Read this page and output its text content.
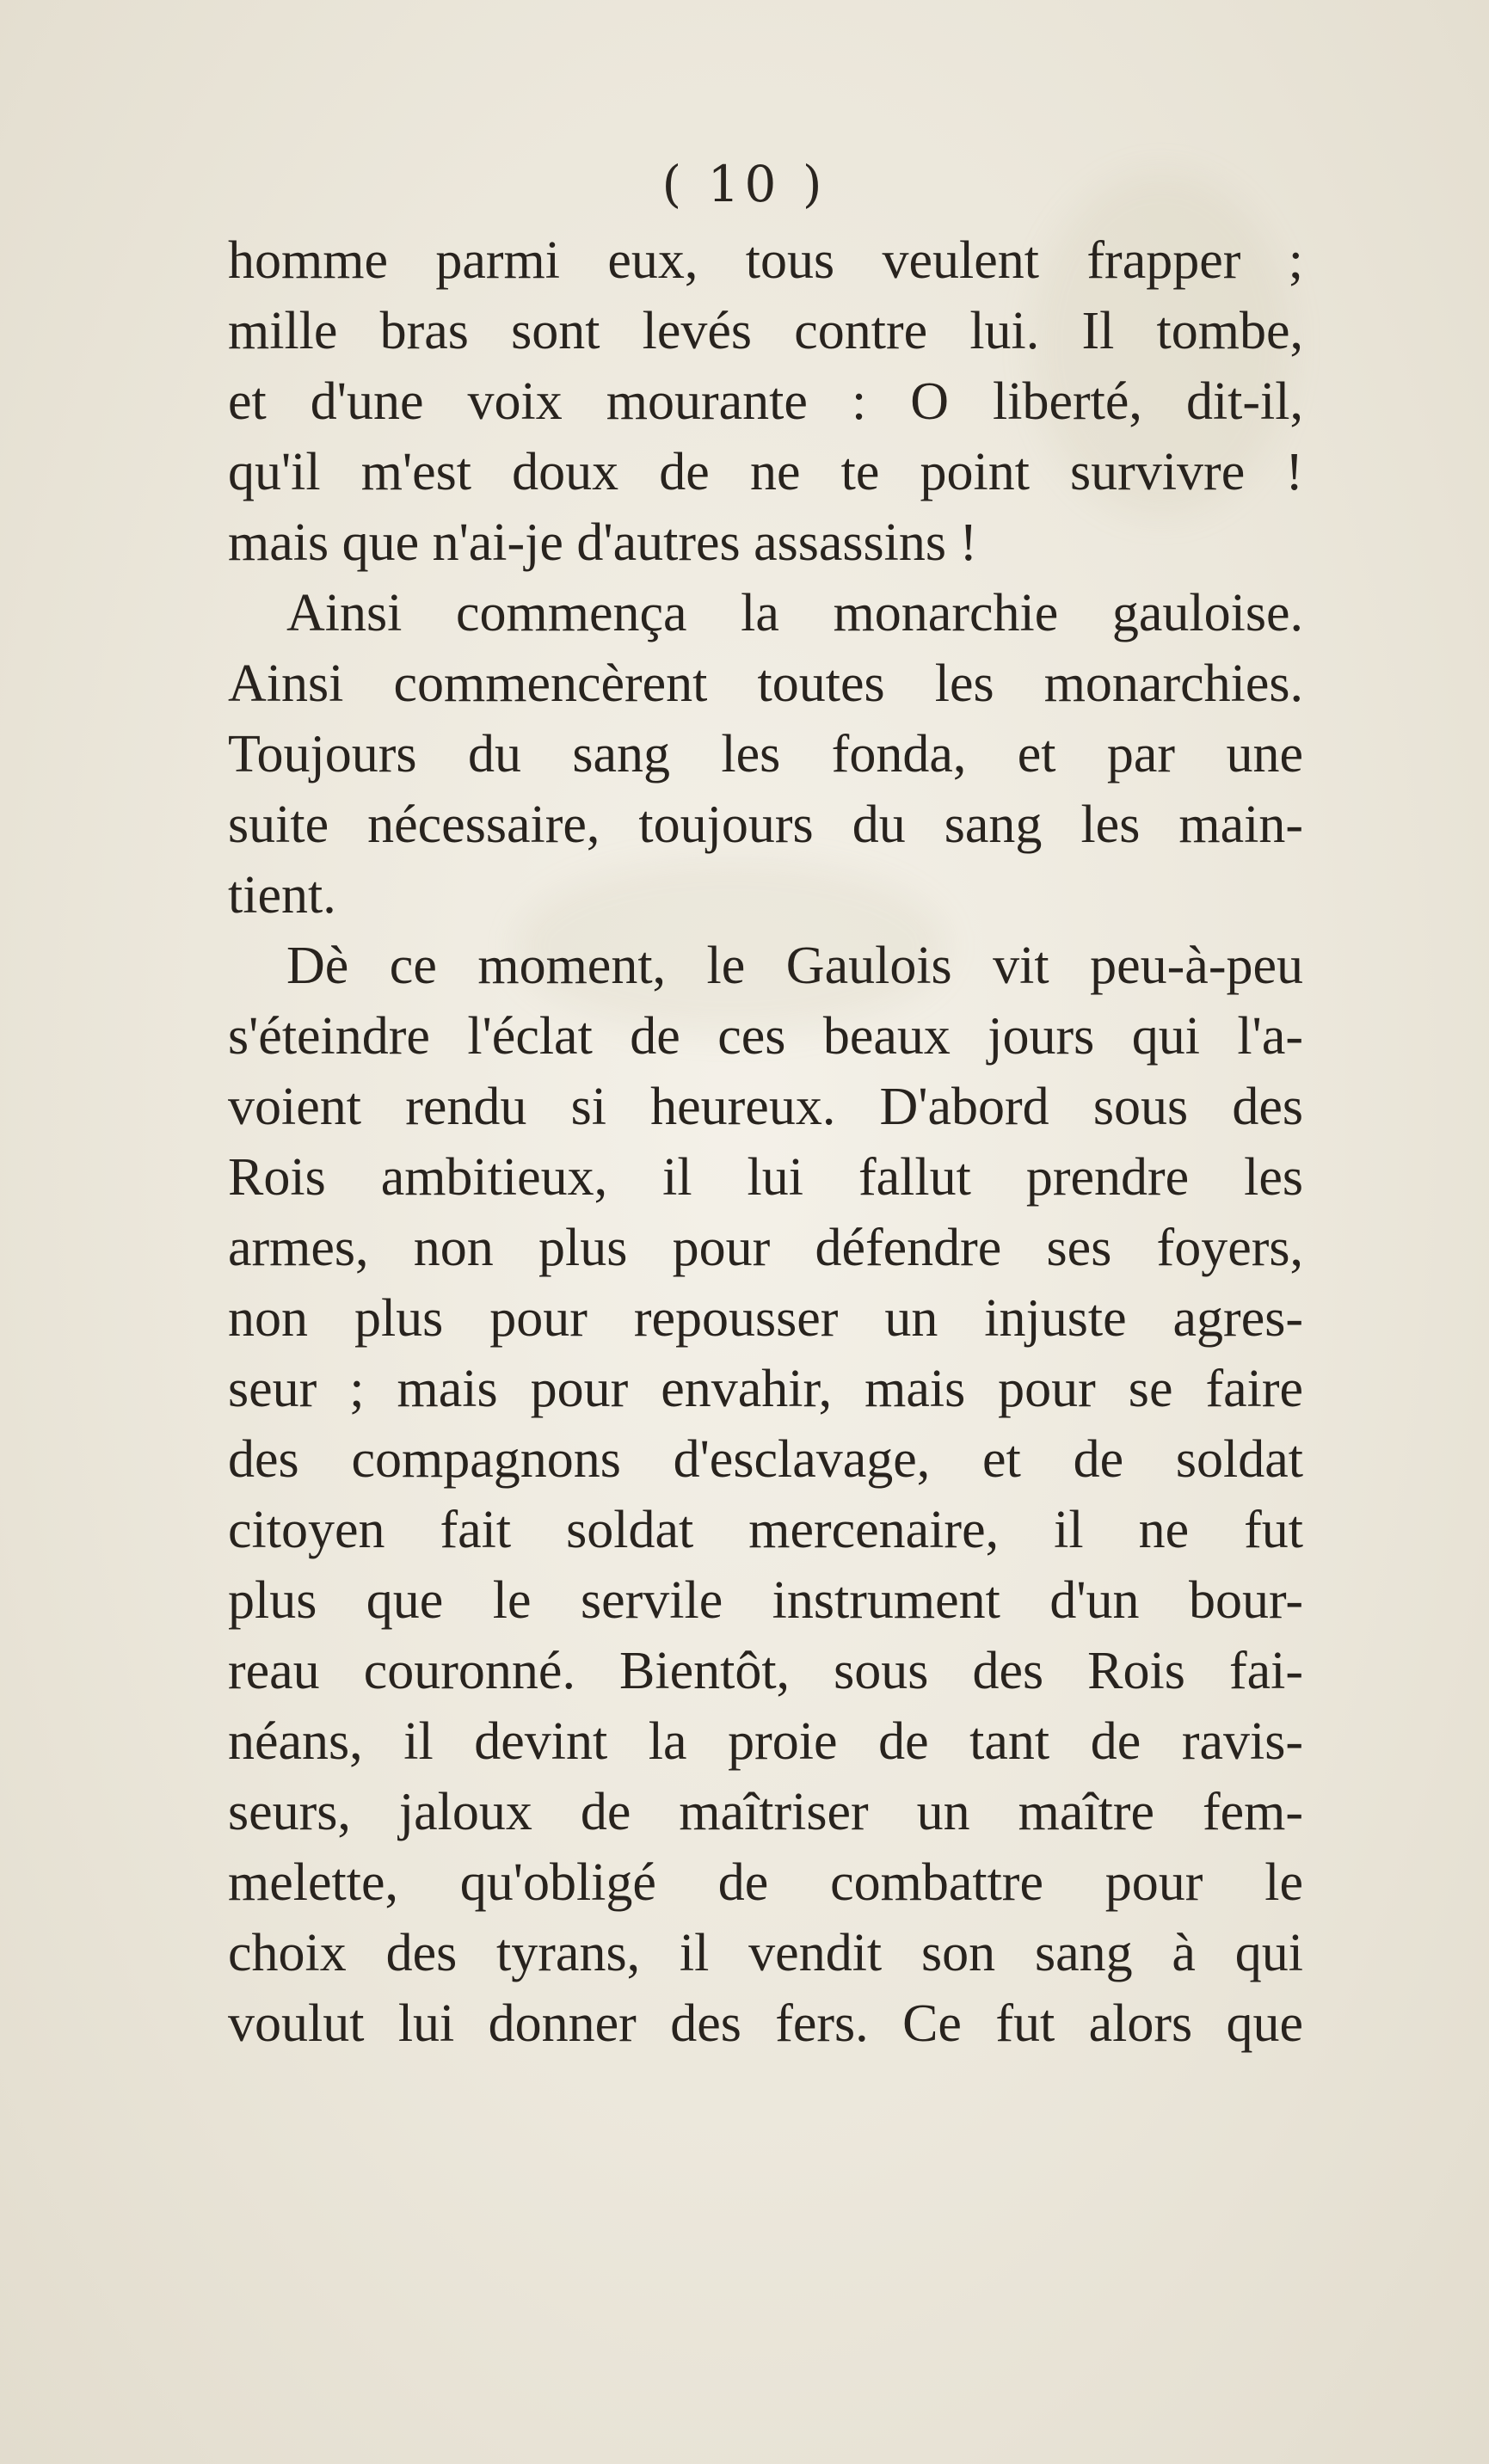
( 10 )
homme parmi eux, tous veulent frapper ;
mille bras sont levés contre lui. Il tombe,
et d'une voix mourante : O liberté, dit-il,
qu'il m'est doux de ne te point survivre !
mais que n'ai-je d'autres assassins !
Ainsi commença la monarchie gauloise.
Ainsi commencèrent toutes les monarchies.
Toujours du sang les fonda, et par une
suite nécessaire, toujours du sang les main-
tient.
Dè ce moment, le Gaulois vit peu-à-peu
s'éteindre l'éclat de ces beaux jours qui l'a-
voient rendu si heureux. D'abord sous des
Rois ambitieux, il lui fallut prendre les
armes, non plus pour défendre ses foyers,
non plus pour repousser un injuste agres-
seur ; mais pour envahir, mais pour se faire
des compagnons d'esclavage, et de soldat
citoyen fait soldat mercenaire, il ne fut
plus que le servile instrument d'un bour-
reau couronné. Bientôt, sous des Rois fai-
néans, il devint la proie de tant de ravis-
seurs, jaloux de maîtriser un maître fem-
melette, qu'obligé de combattre pour le
choix des tyrans, il vendit son sang à qui
voulut lui donner des fers. Ce fut alors que
